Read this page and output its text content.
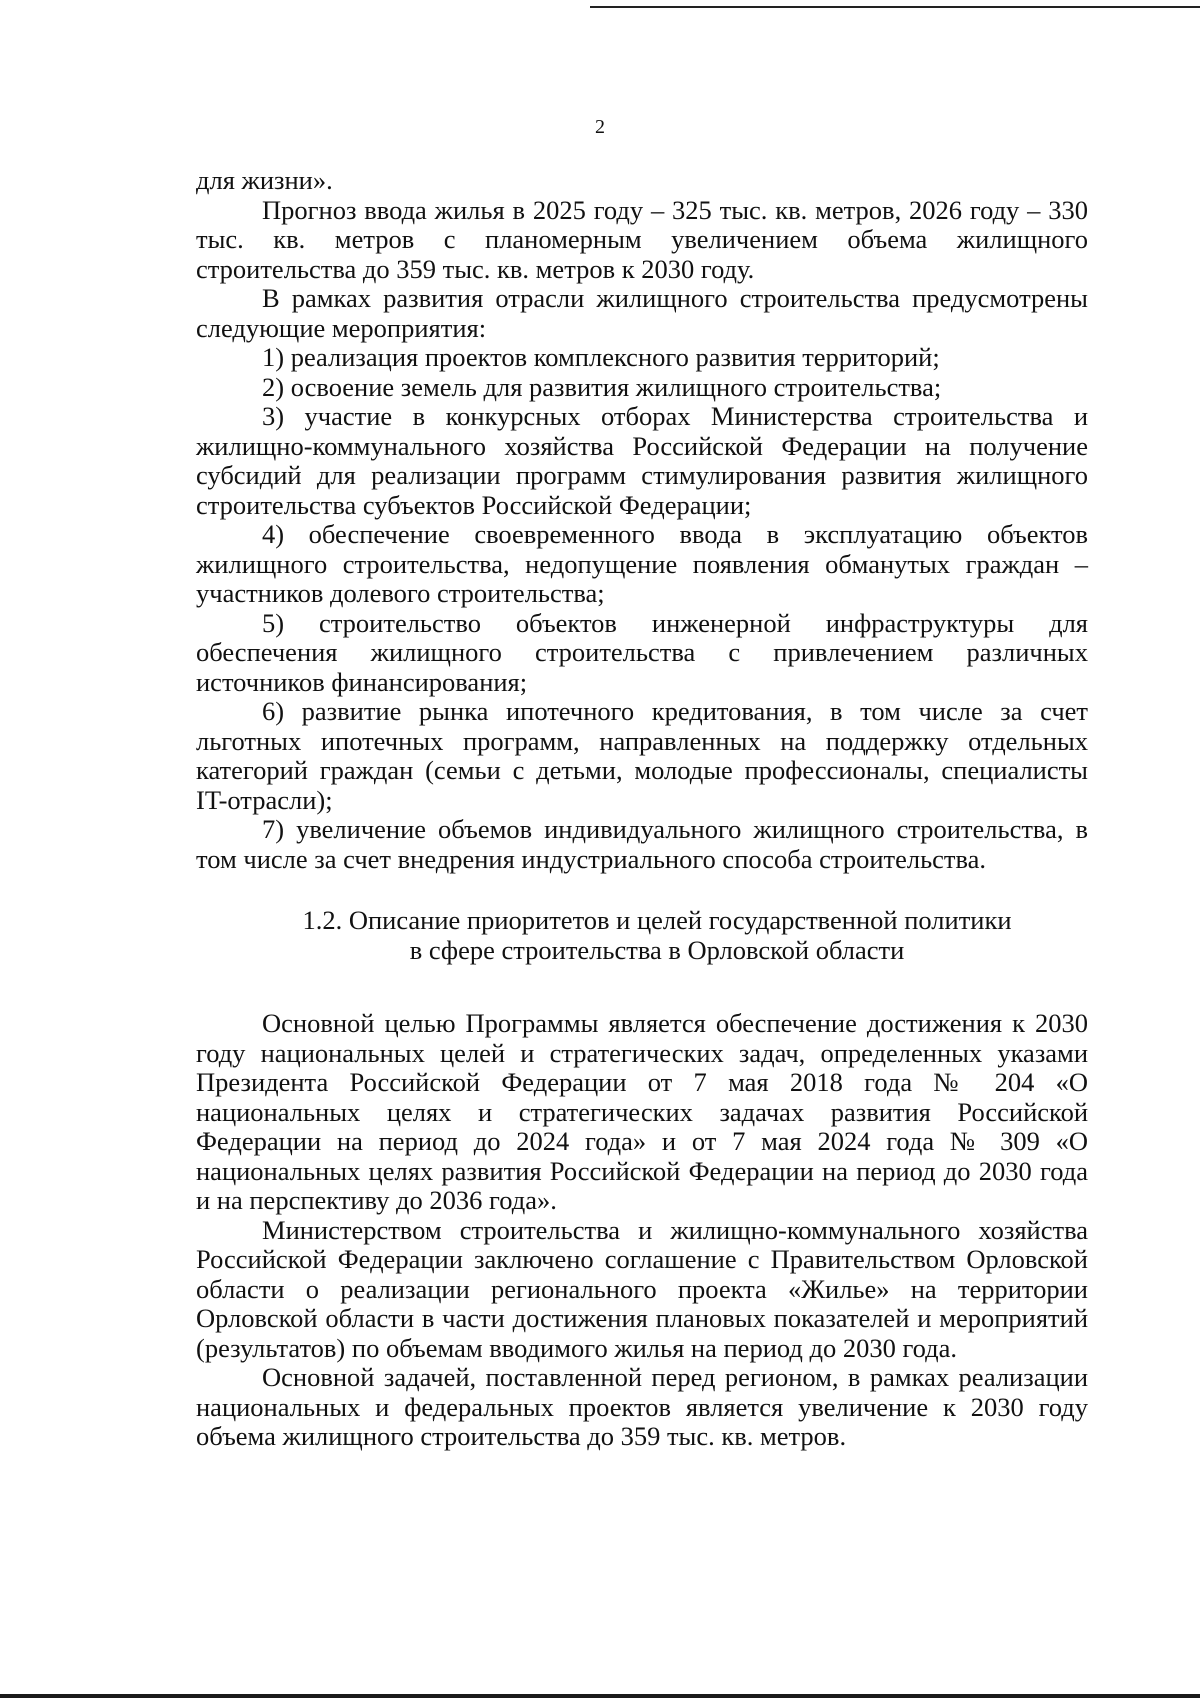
2

для жизни».

Прогноз ввода жилья в 2025 году – 325 тыс. кв. метров, 2026 году – 330 тыс. кв. метров с планомерным увеличением объема жилищного строительства до 359 тыс. кв. метров к 2030 году.

В рамках развития отрасли жилищного строительства предусмотрены следующие мероприятия:

1) реализация проектов комплексного развития территорий;

2) освоение земель для развития жилищного строительства;

3) участие в конкурсных отборах Министерства строительства и жилищно-коммунального хозяйства Российской Федерации на получение субсидий для реализации программ стимулирования развития жилищного строительства субъектов Российской Федерации;

4) обеспечение своевременного ввода в эксплуатацию объектов жилищного строительства, недопущение появления обманутых граждан – участников долевого строительства;

5) строительство объектов инженерной инфраструктуры для обеспечения жилищного строительства с привлечением различных источников финансирования;

6) развитие рынка ипотечного кредитования, в том числе за счет льготных ипотечных программ, направленных на поддержку отдельных категорий граждан (семьи с детьми, молодые профессионалы, специалисты IT-отрасли);

7) увеличение объемов индивидуального жилищного строительства, в том числе за счет внедрения индустриального способа строительства.

1.2. Описание приоритетов и целей государственной политики
в сфере строительства в Орловской области

Основной целью Программы является обеспечение достижения к 2030 году национальных целей и стратегических задач, определенных указами Президента Российской Федерации от 7 мая 2018 года № 204 «О национальных целях и стратегических задачах развития Российской Федерации на период до 2024 года» и от 7 мая 2024 года № 309 «О национальных целях развития Российской Федерации на период до 2030 года и на перспективу до 2036 года».

Министерством строительства и жилищно-коммунального хозяйства Российской Федерации заключено соглашение с Правительством Орловской области о реализации регионального проекта «Жилье» на территории Орловской области в части достижения плановых показателей и мероприятий (результатов) по объемам вводимого жилья на период до 2030 года.

Основной задачей, поставленной перед регионом, в рамках реализации национальных и федеральных проектов является увеличение к 2030 году объема жилищного строительства до 359 тыс. кв. метров.
